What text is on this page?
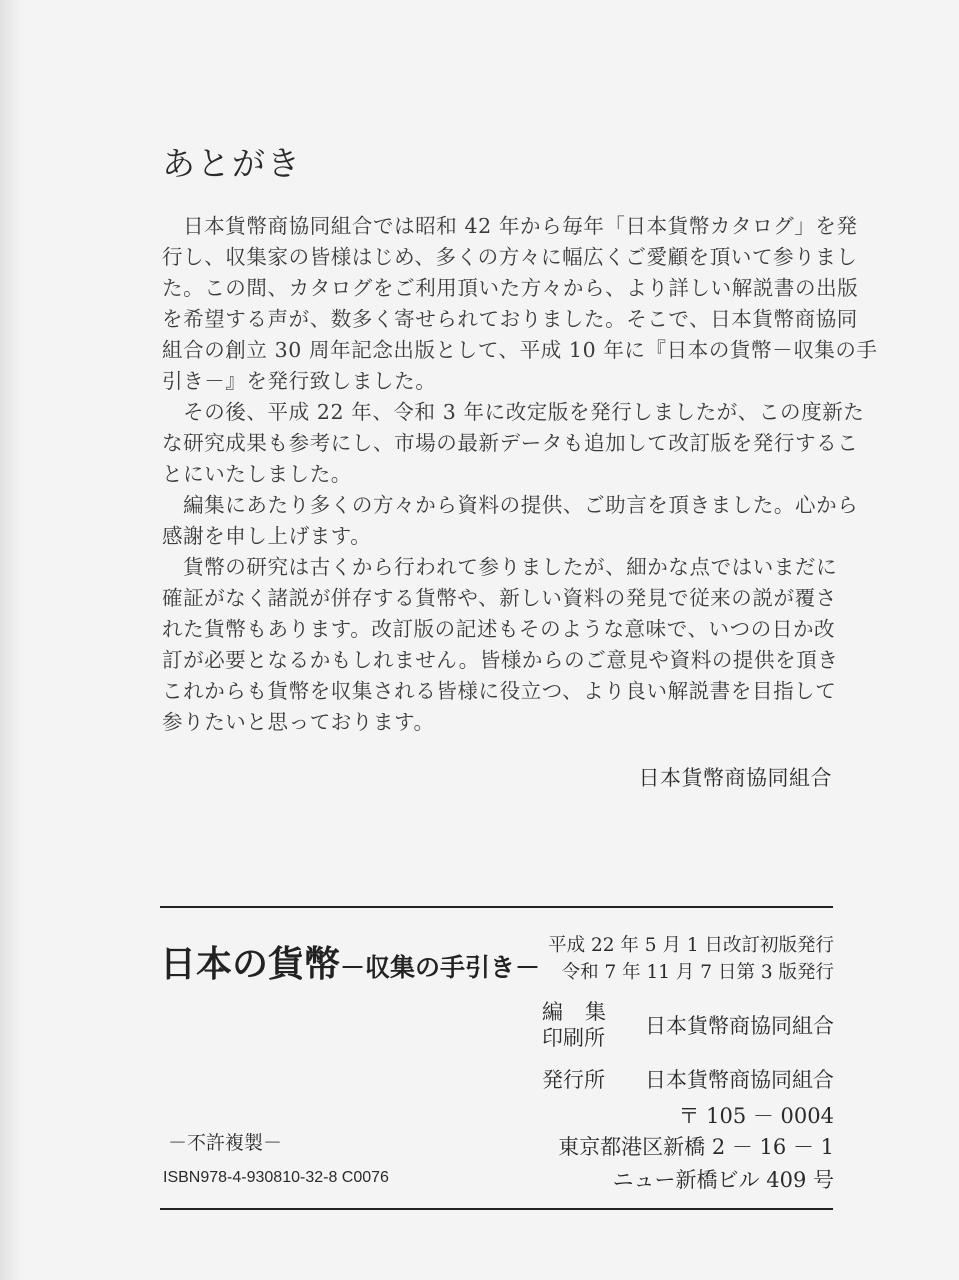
あとがき
　日本貨幣商協同組合では昭和 42 年から毎年「日本貨幣カタログ」を発
行し、収集家の皆様はじめ、多くの方々に幅広くご愛顧を頂いて参りまし
た。この間、カタログをご利用頂いた方々から、より詳しい解説書の出版
を希望する声が、数多く寄せられておりました。そこで、日本貨幣商協同
組合の創立 30 周年記念出版として、平成 10 年に『日本の貨幣－収集の手
引き－』を発行致しました。
　その後、平成 22 年、令和 3 年に改定版を発行しましたが、この度新た
な研究成果も参考にし、市場の最新データも追加して改訂版を発行するこ
とにいたしました。
　編集にあたり多くの方々から資料の提供、ご助言を頂きました。心から
感謝を申し上げます。
　貨幣の研究は古くから行われて参りましたが、細かな点ではいまだに
確証がなく諸説が併存する貨幣や、新しい資料の発見で従来の説が覆さ
れた貨幣もあります。改訂版の記述もそのような意味で、いつの日か改
訂が必要となるかもしれません。皆様からのご意見や資料の提供を頂き
これからも貨幣を収集される皆様に役立つ、より良い解説書を目指して
参りたいと思っております。
日本貨幣商協同組合
日本の貨幣－収集の手引き－
平成 22 年 5 月 1 日改訂初版発行
令和 7 年 11 月 7 日第 3 版発行
編集
印刷所 日本貨幣商協同組合
発行所 日本貨幣商協同組合
〒 105 － 0004
東京都港区新橋 2 － 16 － 1
ニュー新橋ビル 409 号
－不許複製－
ISBN978-4-930810-32-8 C0076
